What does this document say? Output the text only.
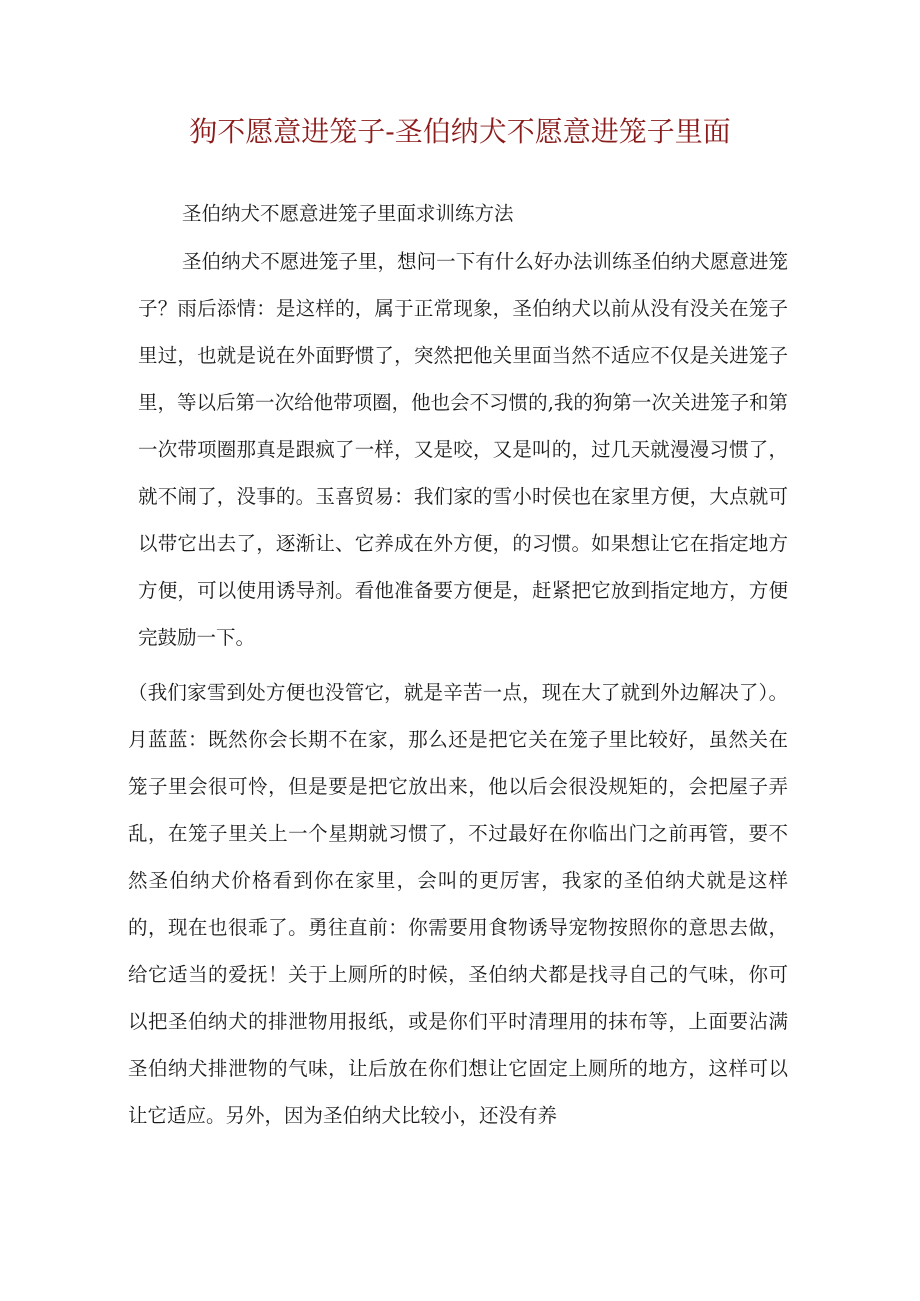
狗不愿意进笼子-圣伯纳犬不愿意进笼子里面
圣伯纳犬不愿意进笼子里面求训练方法

圣伯纳犬不愿进笼子里，想问一下有什么好办法训练圣伯纳犬愿意进笼子？雨后添情：是这样的，属于正常现象，圣伯纳犬以前从没有没关在笼子里过，也就是说在外面野惯了，突然把他关里面当然不适应不仅是关进笼子里，等以后第一次给他带项圈，他也会不习惯的,我的狗第一次关进笼子和第一次带项圈那真是跟疯了一样，又是咬，又是叫的，过几天就漫漫习惯了，就不闹了，没事的。玉喜贸易：我们家的雪小时侯也在家里方便，大点就可以带它出去了，逐渐让、它养成在外方便，的习惯。如果想让它在指定地方方便，可以使用诱导剂。看他准备要方便是，赶紧把它放到指定地方，方便完鼓励一下。

（我们家雪到处方便也没管它，就是辛苦一点，现在大了就到外边解决了）。月蓝蓝：既然你会长期不在家，那么还是把它关在笼子里比较好，虽然关在笼子里会很可怜，但是要是把它放出来，他以后会很没规矩的，会把屋子弄乱，在笼子里关上一个星期就习惯了，不过最好在你临出门之前再管，要不然圣伯纳犬价格看到你在家里，会叫的更厉害，我家的圣伯纳犬就是这样的，现在也很乖了。勇往直前：你需要用食物诱导宠物按照你的意思去做，给它适当的爱抚！关于上厕所的时候，圣伯纳犬都是找寻自己的气味，你可以把圣伯纳犬的排泄物用报纸，或是你们平时清理用的抹布等，上面要沾满圣伯纳犬排泄物的气味，让后放在你们想让它固定上厕所的地方，这样可以让它适应。另外，因为圣伯纳犬比较小，还没有养
